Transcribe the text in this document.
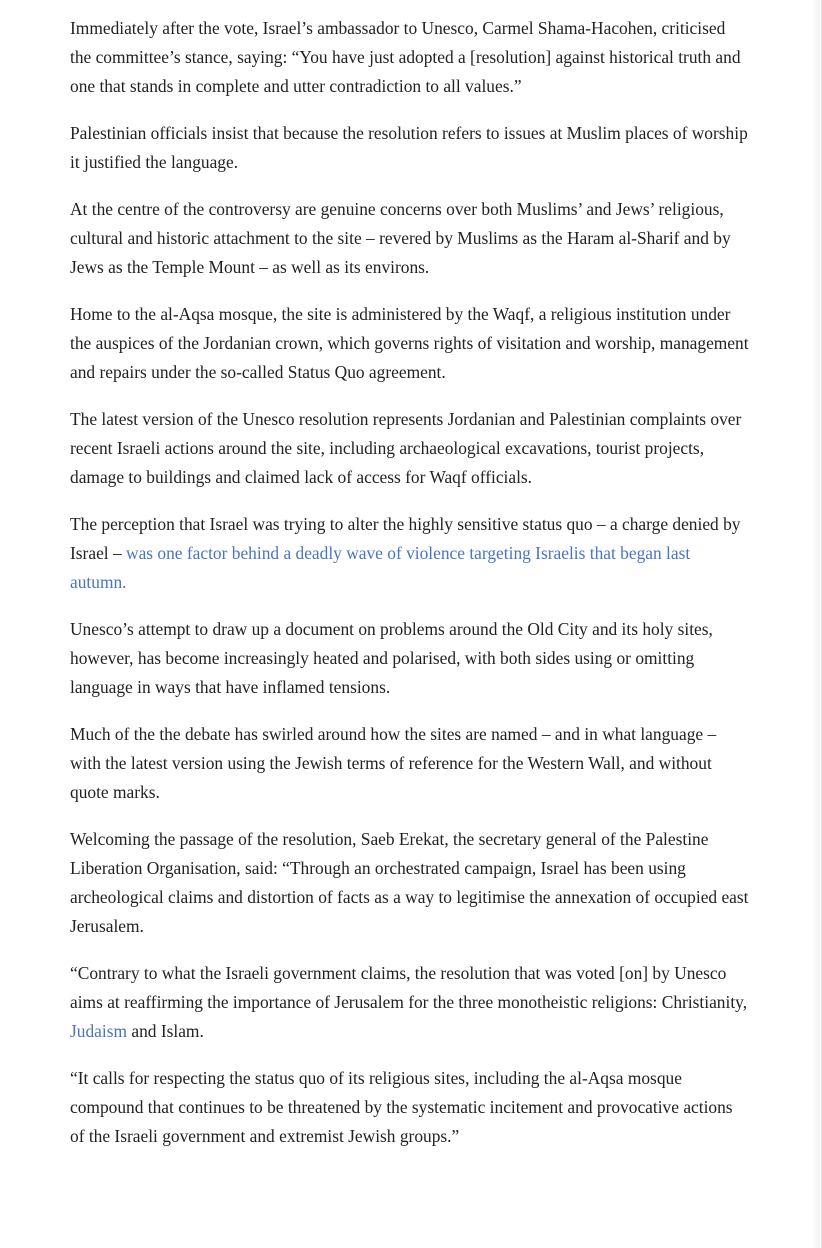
Immediately after the vote, Israel’s ambassador to Unesco, Carmel Shama-Hacohen, criticised the committee’s stance, saying: “You have just adopted a [resolution] against historical truth and one that stands in complete and utter contradiction to all values.”

Palestinian officials insist that because the resolution refers to issues at Muslim places of worship it justified the language.

At the centre of the controversy are genuine concerns over both Muslims’ and Jews’ religious, cultural and historic attachment to the site – revered by Muslims as the Haram al-Sharif and by Jews as the Temple Mount – as well as its environs.

Home to the al-Aqsa mosque, the site is administered by the Waqf, a religious institution under the auspices of the Jordanian crown, which governs rights of visitation and worship, management and repairs under the so-called Status Quo agreement.

The latest version of the Unesco resolution represents Jordanian and Palestinian complaints over recent Israeli actions around the site, including archaeological excavations, tourist projects, damage to buildings and claimed lack of access for Waqf officials.

The perception that Israel was trying to alter the highly sensitive status quo – a charge denied by Israel – was one factor behind a deadly wave of violence targeting Israelis that began last autumn.

Unesco’s attempt to draw up a document on problems around the Old City and its holy sites, however, has become increasingly heated and polarised, with both sides using or omitting language in ways that have inflamed tensions.

Much of the the debate has swirled around how the sites are named – and in what language – with the latest version using the Jewish terms of reference for the Western Wall, and without quote marks.

Welcoming the passage of the resolution, Saeb Erekat, the secretary general of the Palestine Liberation Organisation, said: “Through an orchestrated campaign, Israel has been using archeological claims and distortion of facts as a way to legitimise the annexation of occupied east Jerusalem.

“Contrary to what the Israeli government claims, the resolution that was voted [on] by Unesco aims at reaffirming the importance of Jerusalem for the three monotheistic religions: Christianity, Judaism and Islam.

“It calls for respecting the status quo of its religious sites, including the al-Aqsa mosque compound that continues to be threatened by the systematic incitement and provocative actions of the Israeli government and extremist Jewish groups.”
